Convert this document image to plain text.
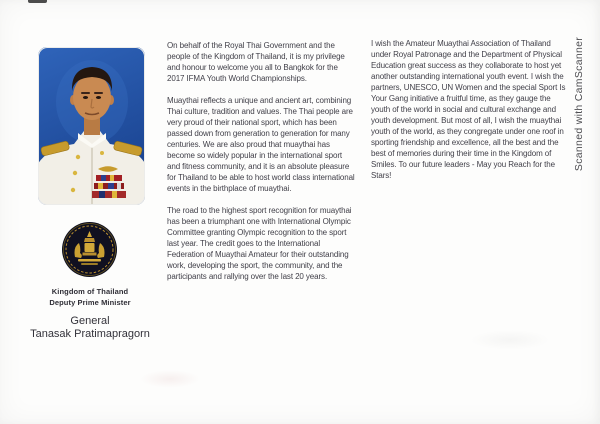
Kingdom of Thailand
Deputy Prime Minister
General
Tanasak Pratimapragorn

On behalf of the Royal Thai Government and the people of the Kingdom of Thailand, it is my privilege and honour to welcome you all to Bangkok for the 2017 IFMA Youth World Championships.

Muaythai reflects a unique and ancient art, combining Thai culture, tradition and values. The Thai people are very proud of their national sport, which has been passed down from generation to generation for many centuries. We are also proud that muaythai has become so widely popular in the international sport and fitness community, and it is an absolute pleasure for Thailand to be able to host world class international events in the birthplace of muaythai.

The road to the highest sport recognition for muaythai has been a triumphant one with International Olympic Committee granting Olympic recognition to the sport last year. The credit goes to the International Federation of Muaythai Amateur for their outstanding work, developing the sport, the community, and the participants and rallying over the last 20 years.

I wish the Amateur Muaythai Association of Thailand under Royal Patronage and the Department of Physical Education great success as they collaborate to host yet another outstanding international youth event. I wish the partners, UNESCO, UN Women and the special Sport Is Your Gang initiative a fruitful time, as they gauge the youth of the world in social and cultural exchange and youth development. But most of all, I wish the muaythai youth of the world, as they congregate under one roof in sporting friendship and excellence, all the best and the best of memories during their time in the Kingdom of Smiles. To our future leaders - May you Reach for the Stars!

Scanned with CamScanner
